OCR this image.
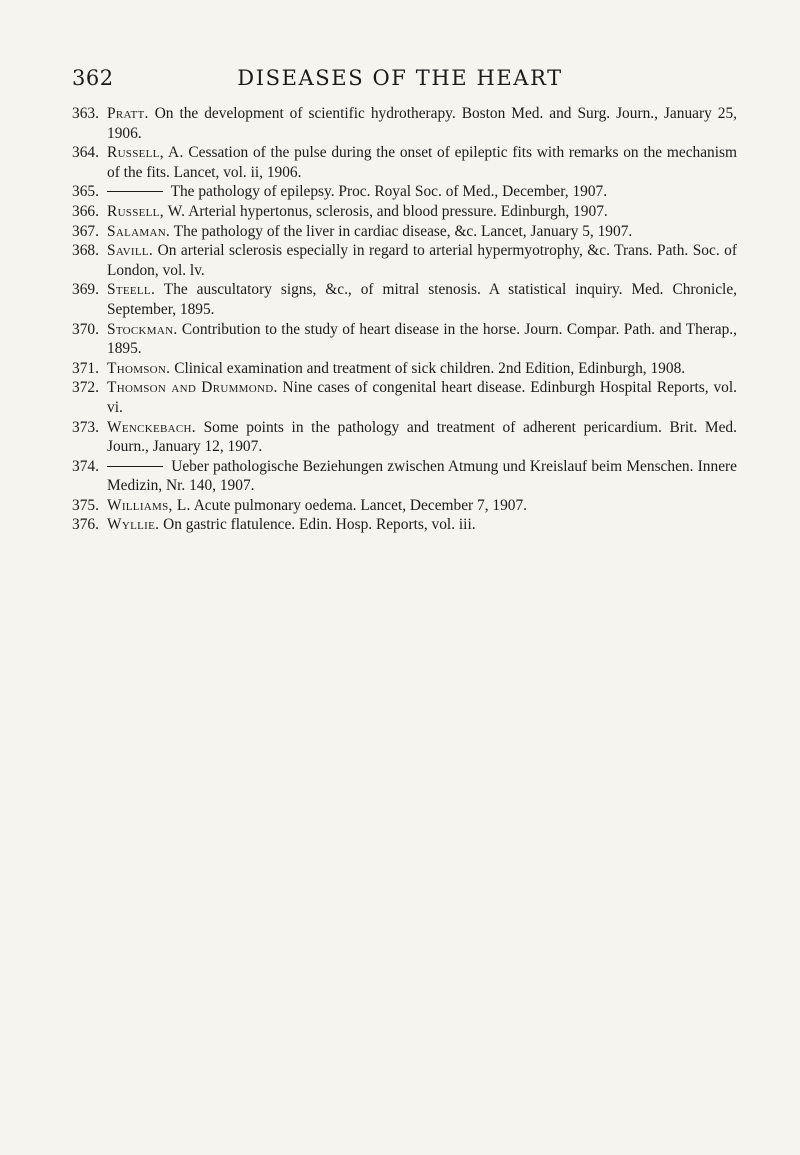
362	DISEASES OF THE HEART
363. Pratt. On the development of scientific hydrotherapy. Boston Med. and Surg. Journ., January 25, 1906.
364. Russell, A. Cessation of the pulse during the onset of epileptic fits with remarks on the mechanism of the fits. Lancet, vol. ii, 1906.
365.	The pathology of epilepsy. Proc. Royal Soc. of Med., December, 1907.
366. Russell, W. Arterial hypertonus, sclerosis, and blood pressure. Edinburgh, 1907.
367. Salaman. The pathology of the liver in cardiac disease, &c. Lancet, January 5, 1907.
368. Savill. On arterial sclerosis especially in regard to arterial hypermyotrophy, &c. Trans. Path. Soc. of London, vol. lv.
369. Steell. The auscultatory signs, &c., of mitral stenosis. A statistical inquiry. Med. Chronicle, September, 1895.
370. Stockman. Contribution to the study of heart disease in the horse. Journ. Compar. Path. and Therap., 1895.
371. Thomson. Clinical examination and treatment of sick children. 2nd Edition, Edinburgh, 1908.
372. Thomson and Drummond. Nine cases of congenital heart disease. Edinburgh Hospital Reports, vol. vi.
373. Wenckebach. Some points in the pathology and treatment of adherent pericardium. Brit. Med. Journ., January 12, 1907.
374.	Ueber pathologische Beziehungen zwischen Atmung und Kreislauf beim Menschen. Innere Medizin, Nr. 140, 1907.
375. Williams, L. Acute pulmonary oedema. Lancet, December 7, 1907.
376. Wyllie. On gastric flatulence. Edin. Hosp. Reports, vol. iii.
